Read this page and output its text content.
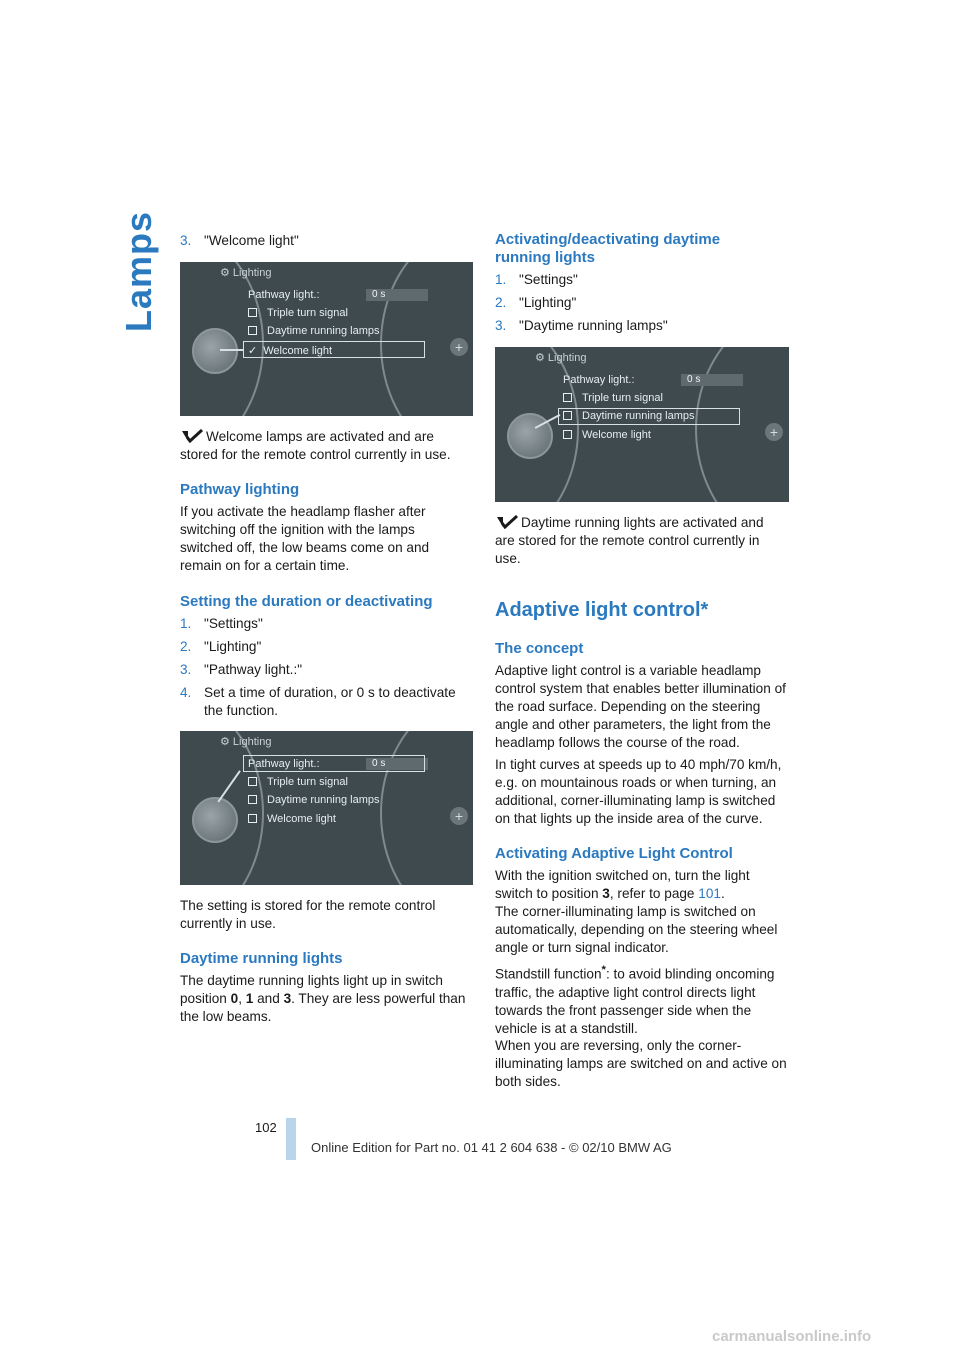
Lamps 3. "Welcome light"
+
⚙ Lighting
Pathway light.:	0 s
Triple turn signal
Daytime running lamps
✓ Welcome light

Welcome lamps are activated and are stored for the remote control currently in use.

Pathway lighting

If you activate the headlamp flasher after switching off the ignition with the lamps switched off, the low beams come on and remain on for a certain time.

Setting the duration or deactivating
1. "Settings"
2. "Lighting"
3. "Pathway light.:"
4. Set a time of duration, or 0 s to deactivate the function.
+
⚙ Lighting
Pathway light.:	0 s
Triple turn signal
Daytime running lamps
Welcome light

The setting is stored for the remote control currently in use.

Daytime running lights

The daytime running lights light up in switch position 0, 1 and 3. They are less powerful than the low beams.

Activating/deactivating daytime running lights
1. "Settings"
2. "Lighting"
3. "Daytime running lamps"
+
⚙ Lighting
Pathway light.:	0 s
Triple turn signal
Daytime running lamps
Welcome light

Daytime running lights are activated and are stored for the remote control currently in use.

Adaptive light control*
The concept

Adaptive light control is a variable headlamp control system that enables better illumination of the road surface. Depending on the steering angle and other parameters, the light from the headlamp follows the course of the road.

In tight curves at speeds up to 40 mph/70 km/h, e.g. on mountainous roads or when turning, an additional, corner-illuminating lamp is switched on that lights up the inside area of the curve.

Activating Adaptive Light Control

With the ignition switched on, turn the light switch to position 3, refer to page 101.

The corner-illuminating lamp is switched on automatically, depending on the steering wheel angle or turn signal indicator.

Standstill function*: to avoid blinding oncoming traffic, the adaptive light control directs light towards the front passenger side when the vehicle is at a standstill.

When you are reversing, only the corner-illuminating lamps are switched on and active on both sides.

102
Online Edition for Part no. 01 41 2 604 638 - © 02/10 BMW AG
carmanualsonline.info
